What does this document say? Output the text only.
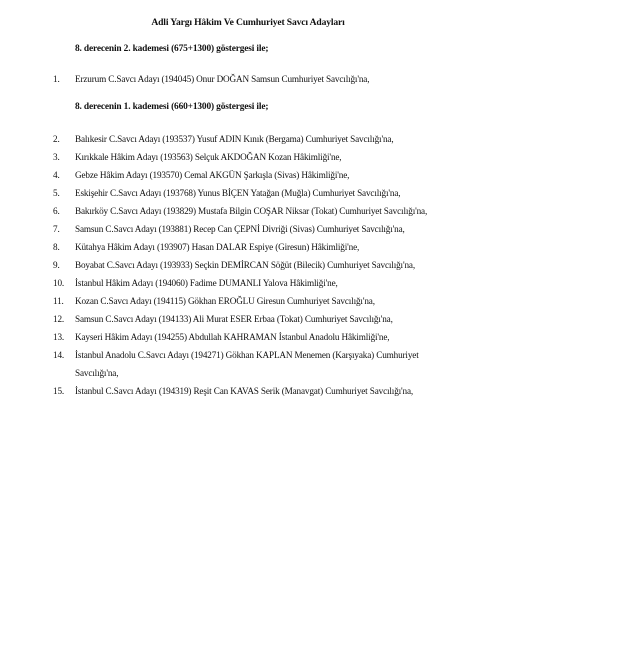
Adli Yargı Hâkim Ve Cumhuriyet Savcı Adayları
8. derecenin 2. kademesi (675+1300) göstergesi ile;
1.	Erzurum C.Savcı Adayı (194045) Onur DOĞAN Samsun Cumhuriyet Savcılığı'na,
8. derecenin 1. kademesi (660+1300) göstergesi ile;
2.	Balıkesir C.Savcı Adayı (193537) Yusuf ADIN Kınık (Bergama) Cumhuriyet Savcılığı'na,
3.	Kırıkkale Hâkim Adayı (193563) Selçuk AKDOĞAN Kozan Hâkimliği'ne,
4.	Gebze Hâkim Adayı (193570) Cemal AKGÜN Şarkışla (Sivas) Hâkimliği'ne,
5.	Eskişehir C.Savcı Adayı (193768) Yunus BİÇEN Yatağan (Muğla) Cumhuriyet Savcılığı'na,
6.	Bakırköy C.Savcı Adayı (193829) Mustafa Bilgin COŞAR Niksar (Tokat) Cumhuriyet Savcılığı'na,
7.	Samsun C.Savcı Adayı (193881) Recep Can ÇEPNİ Divriği (Sivas) Cumhuriyet Savcılığı'na,
8.	Kütahya Hâkim Adayı (193907) Hasan DALAR Espiye (Giresun) Hâkimliği'ne,
9.	Boyabat C.Savcı Adayı (193933) Seçkin DEMİRCAN Söğüt (Bilecik) Cumhuriyet Savcılığı'na,
10.	İstanbul Hâkim Adayı (194060) Fadime DUMANLI Yalova Hâkimliği'ne,
11.	Kozan C.Savcı Adayı (194115) Gökhan EROĞLU Giresun Cumhuriyet Savcılığı'na,
12.	Samsun C.Savcı Adayı (194133) Ali Murat ESER Erbaa (Tokat) Cumhuriyet Savcılığı'na,
13.	Kayseri Hâkim Adayı (194255) Abdullah KAHRAMAN İstanbul Anadolu Hâkimliği'ne,
14.	İstanbul Anadolu C.Savcı Adayı (194271) Gökhan KAPLAN Menemen (Karşıyaka) Cumhuriyet
Savcılığı'na,
15.	İstanbul C.Savcı Adayı (194319) Reşit Can KAVAS Serik (Manavgat) Cumhuriyet Savcılığı'na,
